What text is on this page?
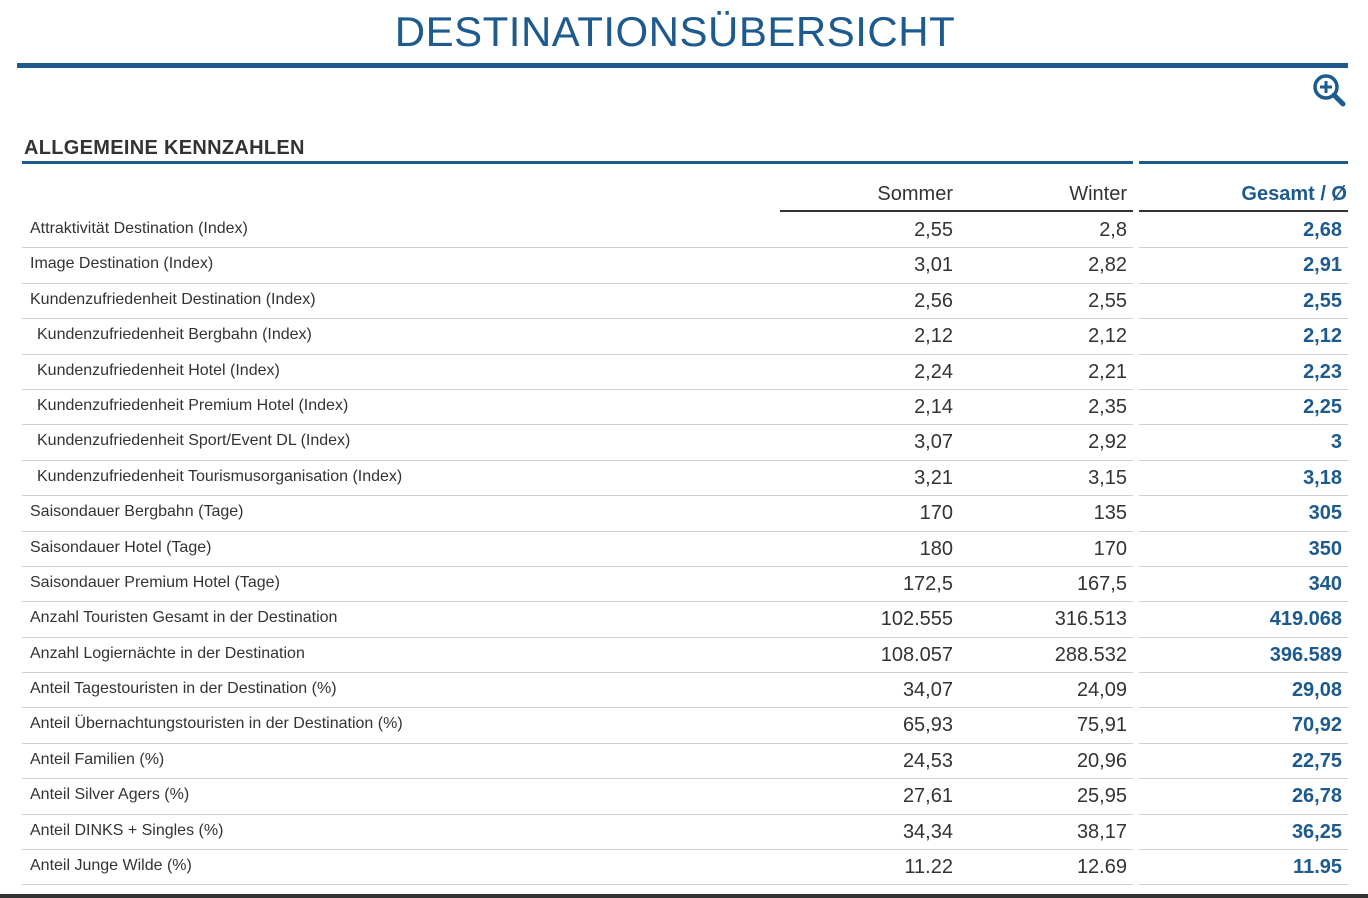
DESTINATIONSÜBERSICHT
ALLGEMEINE KENNZAHLEN
Sommer	Winter	Gesamt / Ø
Attraktivität Destination (Index)	2,55	2,8	2,68
Image Destination (Index)	3,01	2,82	2,91
Kundenzufriedenheit Destination (Index)	2,56	2,55	2,55
Kundenzufriedenheit Bergbahn (Index)	2,12	2,12	2,12
Kundenzufriedenheit Hotel (Index)	2,24	2,21	2,23
Kundenzufriedenheit Premium Hotel (Index)	2,14	2,35	2,25
Kundenzufriedenheit Sport/Event DL (Index)	3,07	2,92	3
Kundenzufriedenheit Tourismusorganisation (Index)	3,21	3,15	3,18
Saisondauer Bergbahn (Tage)	170	135	305
Saisondauer Hotel (Tage)	180	170	350
Saisondauer Premium Hotel (Tage)	172,5	167,5	340
Anzahl Touristen Gesamt in der Destination	102.555	316.513	419.068
Anzahl Logiernächte in der Destination	108.057	288.532	396.589
Anteil Tagestouristen in der Destination (%)	34,07	24,09	29,08
Anteil Übernachtungstouristen in der Destination (%)	65,93	75,91	70,92
Anteil Familien (%)	24,53	20,96	22,75
Anteil Silver Agers (%)	27,61	25,95	26,78
Anteil DINKS + Singles (%)	34,34	38,17	36,25
Anteil Junge Wilde (%)	11.22	12.69	11.95
